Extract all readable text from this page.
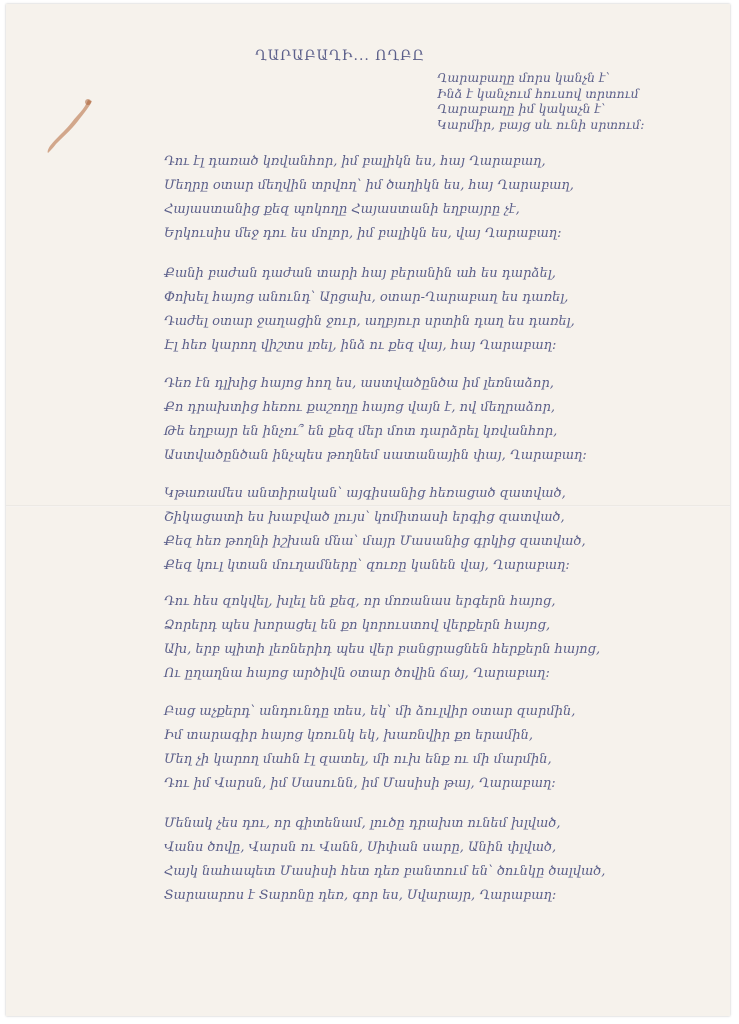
ՂԱՐԱԲԱՂԻ... ՈՂԲԸ
Ղարաբաղը մորս կանչն է՝
Ինձ է կանչում հուսով տրտում
Ղարաբաղը իմ կակաչն է՝
Կարմիր, բայց սև ունի սրտում։
Դու էլ դառած կռվանհոր, իմ բալիկն ես, հայ Ղարաբաղ,
Մեղրը օտար մեղվին տրվող՝ իմ ծաղիկն ես, հայ Ղարաբաղ,
Հայաստանից քեզ պոկողը Հայաստանի եղբայրը չէ,
Երկուսիս մեջ դու ես մոլոր, իմ բալիկն ես, վայ Ղարաբաղ։
Քանի բաժան դաժան տարի հայ բերանին ահ ես դարձել,
Փոխել հայոց անունդ՝ Արցախ, օտար-Ղարաբաղ ես դառել,
Դաժել օտար ջաղացին ջուր, աղբյուր սրտին դաղ ես դառել,
Էլ հեռ կարող վիշտս լռել, ինձ ու քեզ վայ, հայ Ղարաբաղ։
Դեռ էն դլխից հայոց հող ես, աստվածընծա իմ լեռնաձոր,
Քո դրախտից հեռու քաշողը հայոց վայն է, ով մեղրաձոր,
Թե եղբայր են ինչու՞ են քեզ մեր մոտ դարձրել կռվանհոր,
Աստվածընծան ինչպես թողնեմ սատանային փայ, Ղարաբաղ։
Կթառամես անտիրական՝ այգիսանից հեռացած զատված,
Շիկացատի ես խաբված լույս՝ կոմիտասի երգից զատված,
Քեզ հեռ թողնի իշխան մնա՝ մայր Մասանից գրկից զատված,
Քեզ կուլ կտան մուղամները՝ զուռը կանեն վայ, Ղարաբաղ։
Դու հես զոկվել, խլել են քեզ, որ մոռանաս երգերն հայոց,
Ձորերդ պես խորացել են քո կորուստով վերքերն հայոց,
Ախ, երբ պիտի լեռներիդ պես վեր բանցրացնեն հերքերն հայոց,
Ու ըղաղնա հայոց արծիվն օտար ծովին ճայ, Ղարաբաղ։
Բաց աչքերդ՝ անդունդը տես, եկ՝ մի ձուլվիր օտար զարմին,
Իմ տարագիր հայոց կռունկ եկ, խառնվիր քո երամին,
Մեղ չի կարող մահն էլ զատել, մի ուխ ենք ու մի մարմին,
Դու իմ Վարսն, իմ Սասունն, իմ Մասիսի թայ, Ղարաբաղ։
Մենակ չես դու, որ գիտենամ, լուծը դրախտ ունեմ խլված,
Վանս ծովը, Վարսն ու Վանն, Սիփան սարը, Անին փլված,
Հայկ նահապետ Մասիսի հետ դեռ բանտում են՝ ծունկը ծալված,
Տարաարոս է Տարոնը դեռ, գոր ես, Սվարայր, Ղարաբաղ։
